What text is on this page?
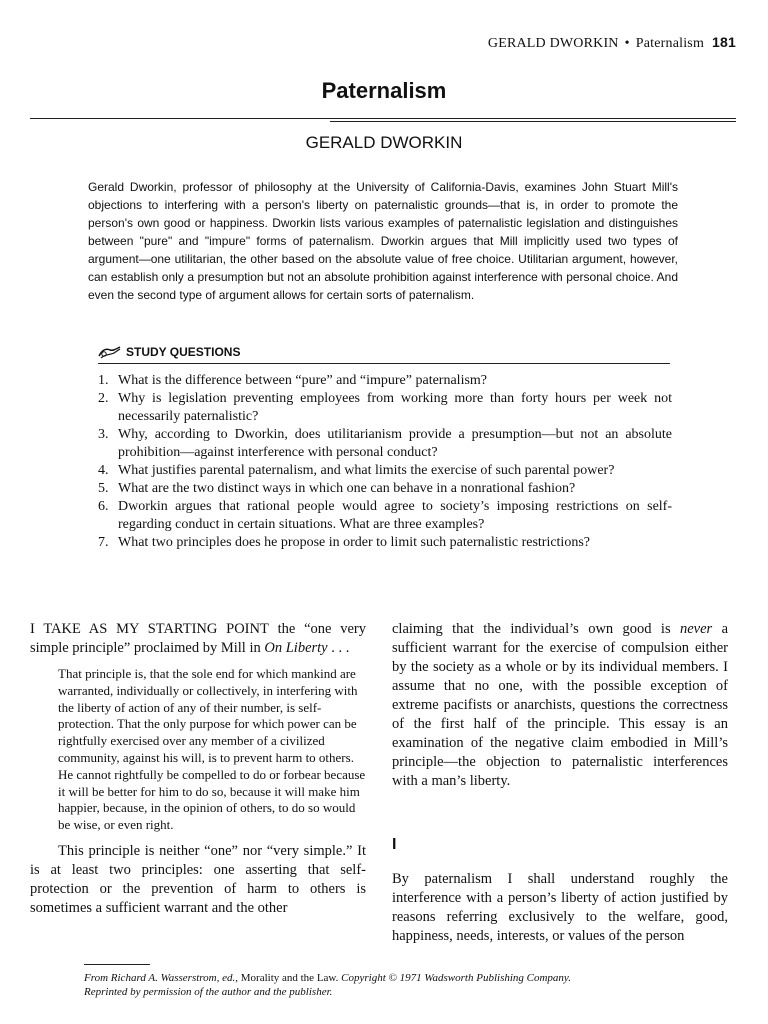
GERALD DWORKIN • Paternalism 181
Paternalism
GERALD DWORKIN
Gerald Dworkin, professor of philosophy at the University of California-Davis, examines John Stuart Mill's objections to interfering with a person's liberty on paternalistic grounds—that is, in order to promote the person's own good or happiness. Dworkin lists various examples of paternalistic legislation and distinguishes between "pure" and "impure" forms of paternalism. Dworkin argues that Mill implicitly used two types of argument—one utilitarian, the other based on the absolute value of free choice. Utilitarian argument, however, can establish only a presumption but not an absolute prohibition against interference with personal choice. And even the second type of argument allows for certain sorts of paternalism.
STUDY QUESTIONS
1. What is the difference between “pure” and “impure” paternalism?
2. Why is legislation preventing employees from working more than forty hours per week not necessarily paternalistic?
3. Why, according to Dworkin, does utilitarianism provide a presumption—but not an absolute prohibition—against interference with personal conduct?
4. What justifies parental paternalism, and what limits the exercise of such parental power?
5. What are the two distinct ways in which one can behave in a nonrational fashion?
6. Dworkin argues that rational people would agree to society’s imposing restrictions on self-regarding conduct in certain situations. What are three examples?
7. What two principles does he propose in order to limit such paternalistic restrictions?

I TAKE AS MY STARTING POINT the “one very simple principle” proclaimed by Mill in On Liberty . . .

That principle is, that the sole end for which mankind are warranted, individually or collectively, in interfering with the liberty of action of any of their number, is self-protection. That the only purpose for which power can be rightfully exercised over any member of a civilized community, against his will, is to prevent harm to others. He cannot rightfully be compelled to do or forbear because it will be better for him to do so, because it will make him happier, because, in the opinion of others, to do so would be wise, or even right.

This principle is neither “one” nor “very simple.” It is at least two principles: one asserting that self-protection or the prevention of harm to others is sometimes a sufficient warrant and the other

claiming that the individual’s own good is never a sufficient warrant for the exercise of compulsion either by the society as a whole or by its individual members. I assume that no one, with the possible exception of extreme pacifists or anarchists, questions the correctness of the first half of the principle. This essay is an examination of the negative claim embodied in Mill’s principle—the objection to paternalistic interferences with a man’s liberty.

I

By paternalism I shall understand roughly the interference with a person’s liberty of action justified by reasons referring exclusively to the welfare, good, happiness, needs, interests, or values of the person

From Richard A. Wasserstrom, ed., Morality and the Law. Copyright © 1971 Wadsworth Publishing Company.
Reprinted by permission of the author and the publisher.
